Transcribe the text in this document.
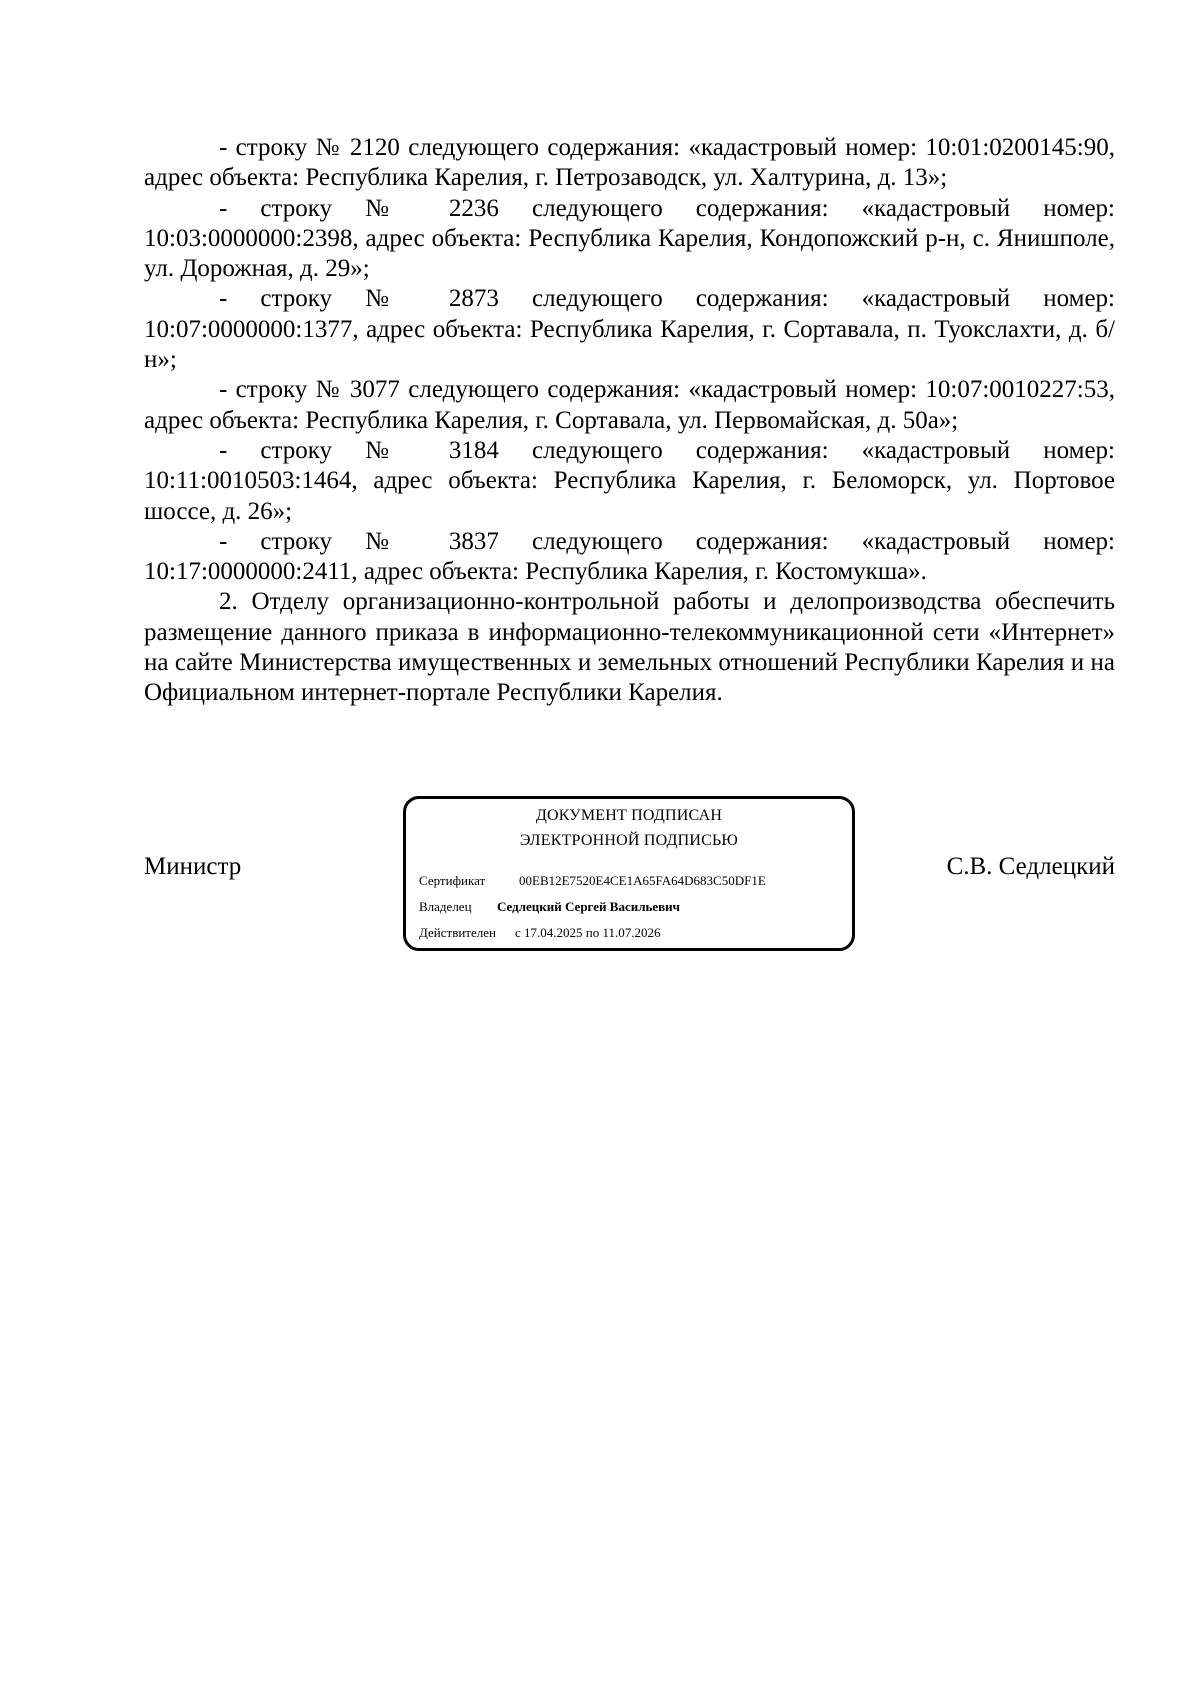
- строку № 2120 следующего содержания: «кадастровый номер: 10:01:0200145:90, адрес объекта: Республика Карелия, г. Петрозаводск, ул. Халтурина, д. 13»;

- строку № 2236 следующего содержания: «кадастровый номер: 10:03:0000000:2398, адрес объекта: Республика Карелия, Кондопожский р-н, с. Янишполе, ул. Дорожная, д. 29»;

- строку № 2873 следующего содержания: «кадастровый номер: 10:07:0000000:1377, адрес объекта: Республика Карелия, г. Сортавала, п. Туокслахти, д. б/н»;

- строку № 3077 следующего содержания: «кадастровый номер: 10:07:0010227:53, адрес объекта: Республика Карелия, г. Сортавала, ул. Первомайская, д. 50а»;

- строку № 3184 следующего содержания: «кадастровый номер: 10:11:0010503:1464, адрес объекта: Республика Карелия, г. Беломорск, ул. Портовое шоссе, д. 26»;

- строку № 3837 следующего содержания: «кадастровый номер: 10:17:0000000:2411, адрес объекта: Республика Карелия, г. Костомукша».

2. Отделу организационно-контрольной работы и делопроизводства обеспечить размещение данного приказа в информационно-телекоммуникационной сети «Интернет» на сайте Министерства имущественных и земельных отношений Республики Карелия и на Официальном интернет-портале Республики Карелия.

Министр
ДОКУМЕНТ ПОДПИСАН
ЭЛЕКТРОННОЙ ПОДПИСЬЮ
Сертификат	00EB12E7520E4CE1A65FA64D683C50DF1E
Владелец Седлецкий Сергей Васильевич
Действителен с 17.04.2025 по 11.07.2026
С.В. Седлецкий
